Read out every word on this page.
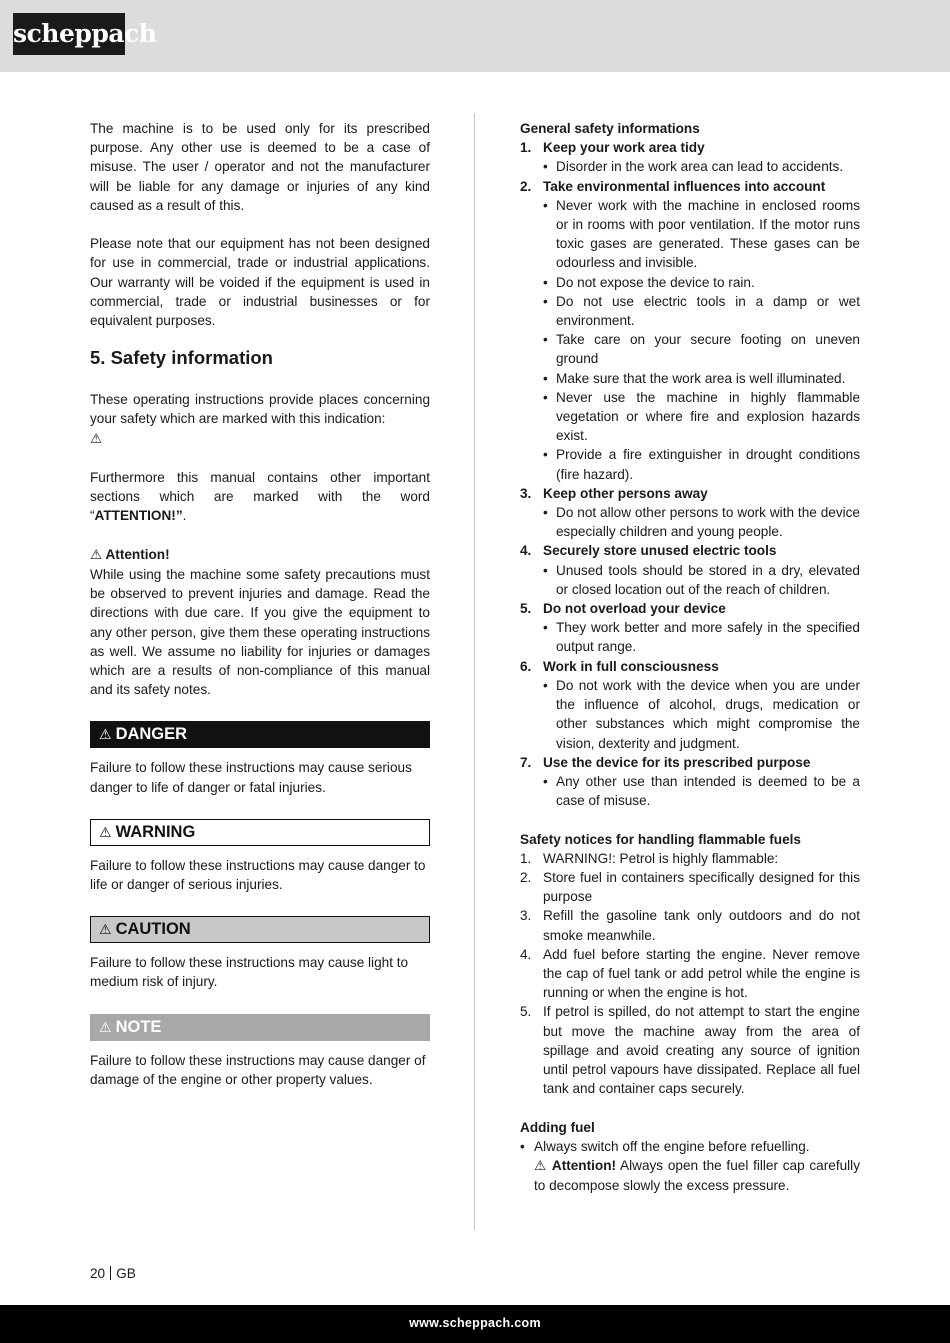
scheppach

The machine is to be used only for its prescribed purpose. Any other use is deemed to be a case of misuse. The user / operator and not the manufacturer will be liable for any damage or injuries of any kind caused as a result of this.

Please note that our equipment has not been designed for use in commercial, trade or industrial applications. Our warranty will be voided if the equipment is used in commercial, trade or industrial businesses or for equivalent purposes.

5. Safety information

These operating instructions provide places concerning your safety which are marked with this indication:
⚠

Furthermore this manual contains other important sections which are marked with the word “ATTENTION!”.

⚠ Attention!

While using the machine some safety precautions must be observed to prevent injuries and damage. Read the directions with due care. If you give the equipment to any other person, give them these operating instructions as well. We assume no liability for injuries or damages which are a results of non-compliance of this manual and its safety notes.

⚠ DANGER

Failure to follow these instructions may cause serious danger to life of danger or fatal injuries.

⚠ WARNING

Failure to follow these instructions may cause danger to life or danger of serious injuries.

⚠ CAUTION

Failure to follow these instructions may cause light to medium risk of injury.

⚠ NOTE

Failure to follow these instructions may cause danger of damage of the engine or other property values.

General safety informations
1. Keep your work area tidy
• Disorder in the work area can lead to accidents.
2. Take environmental influences into account
• Never work with the machine in enclosed rooms or in rooms with poor ventilation. If the motor runs toxic gases are generated. These gases can be odourless and invisible.
• Do not expose the device to rain.
• Do not use electric tools in a damp or wet environment.
• Take care on your secure footing on uneven ground
• Make sure that the work area is well illuminated.
• Never use the machine in highly flammable vegetation or where fire and explosion hazards exist.
• Provide a fire extinguisher in drought conditions (fire hazard).
3. Keep other persons away
• Do not allow other persons to work with the device especially children and young people.
4. Securely store unused electric tools
• Unused tools should be stored in a dry, elevated or closed location out of the reach of children.
5. Do not overload your device
• They work better and more safely in the specified output range.
6. Work in full consciousness
• Do not work with the device when you are under the influence of alcohol, drugs, medication or other substances which might compromise the vision, dexterity and judgment.
7. Use the device for its prescribed purpose
• Any other use than intended is deemed to be a case of misuse.
Safety notices for handling flammable fuels
1. WARNING!: Petrol is highly flammable:
2. Store fuel in containers specifically designed for this purpose
3. Refill the gasoline tank only outdoors and do not smoke meanwhile.
4. Add fuel before starting the engine. Never remove the cap of fuel tank or add petrol while the engine is running or when the engine is hot.
5. If petrol is spilled, do not attempt to start the engine but move the machine away from the area of spillage and avoid creating any source of ignition until petrol vapours have dissipated. Replace all fuel tank and container caps securely.
Adding fuel
• Always switch off the engine before refuelling.
⚠ Attention! Always open the fuel filler cap carefully to decompose slowly the excess pressure.
20 GB
www.scheppach.com
